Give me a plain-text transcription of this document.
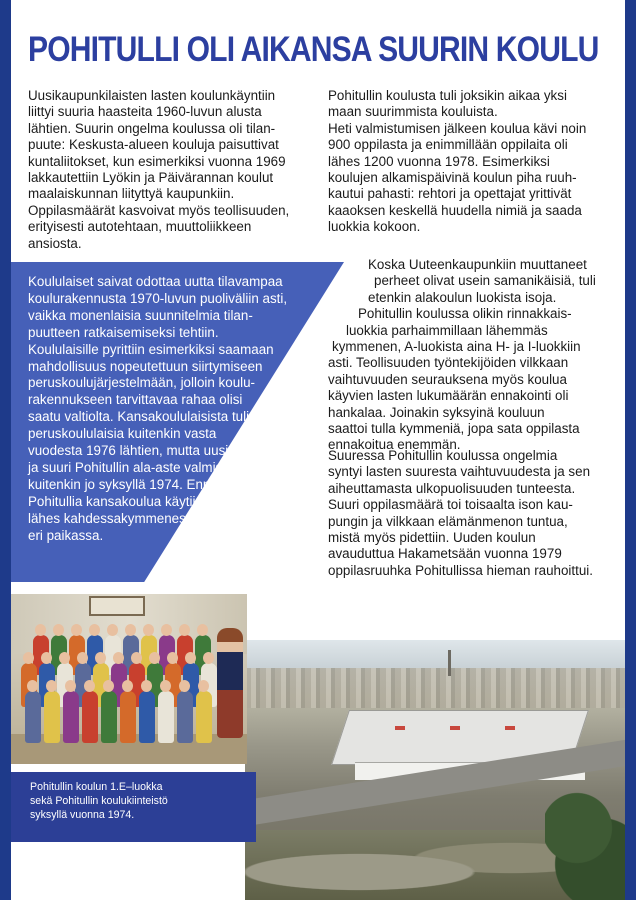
POHITULLI OLI AIKANSA SUURIN KOULU
Uusikaupunkilaisten lasten koulunkäyntiin
liittyi suuria haasteita 1960-luvun alusta
lähtien. Suurin ongelma koulussa oli tilan-
puute: Keskusta-alueen kouluja paisuttivat
kuntaliitokset, kun esimerkiksi vuonna 1969
lakkautettiin Lyökin ja Päivärannan koulut
maalaiskunnan liityttyä kaupunkiin.
Oppilasmäärät kasvoivat myös teollisuuden,
erityisesti autotehtaan, muuttoliikkeen
ansiosta.
Koululaiset saivat odottaa uutta tilavampaa
koulurakennusta 1970-luvun puoliväliin asti,
vaikka monenlaisia suunnitelmia tilan-
puutteen ratkaisemiseksi tehtiin.
Koululaisille pyrittiin esimerkiksi saamaan
mahdollisuus nopeutettuun siirtymiseen
peruskoulujärjestelmään, jolloin koulu-
rakennukseen tarvittavaa rahaa olisi
saatu valtiolta. Kansakoululaisista tuli
peruskoululaisia kuitenkin vasta
vuodesta 1976 lähtien, mutta uusi
ja suuri Pohitullin ala-aste valmistui
kuitenkin jo syksyllä 1974. Ennen
Pohitullia kansakoulua käytiin
lähes kahdessakymmenessä
eri paikassa.
Pohitullin koulusta tuli joksikin aikaa yksi
maan suurimmista kouluista.
Heti valmistumisen jälkeen koulua kävi noin
900 oppilasta ja enimmillään oppilaita oli
lähes 1200 vuonna 1978. Esimerkiksi
koulujen alkamispäivinä koulun piha ruuh-
kautui pahasti: rehtori ja opettajat yrittivät
kaaoksen keskellä huudella nimiä ja saada
luokkia kokoon.
Koska Uuteenkaupunkiin muuttaneet
perheet olivat usein samanikäisiä, tuli
etenkin alakoulun luokista isoja.
Pohitullin koulussa olikin rinnakkais-
luokkia parhaimmillaan lähemmäs
kymmenen, A-luokista aina H- ja I-luokkiin
asti. Teollisuuden työntekijöiden vilkkaan
vaihtuvuuden seurauksena myös koulua
käyvien lasten lukumäärän ennakointi oli
hankalaa. Joinakin syksyinä kouluun
saattoi tulla kymmeniä, jopa sata oppilasta
ennakoitua enemmän.
Suuressa Pohitullin koulussa ongelmia
syntyi lasten suuresta vaihtuvuudesta ja sen
aiheuttamasta ulkopuolisuuden tunteesta.
Suuri oppilasmäärä toi toisaalta ison kau-
pungin ja vilkkaan elämänmenon tuntua,
mistä myös pidettiin. Uuden koulun
avauduttua Hakametsään vuonna 1979
oppilasruuhka Pohitullissa hieman rauhoittui.
Pohitullin koulun 1.E–luokka
sekä Pohitullin koulukiinteistö
syksyllä vuonna 1974.
